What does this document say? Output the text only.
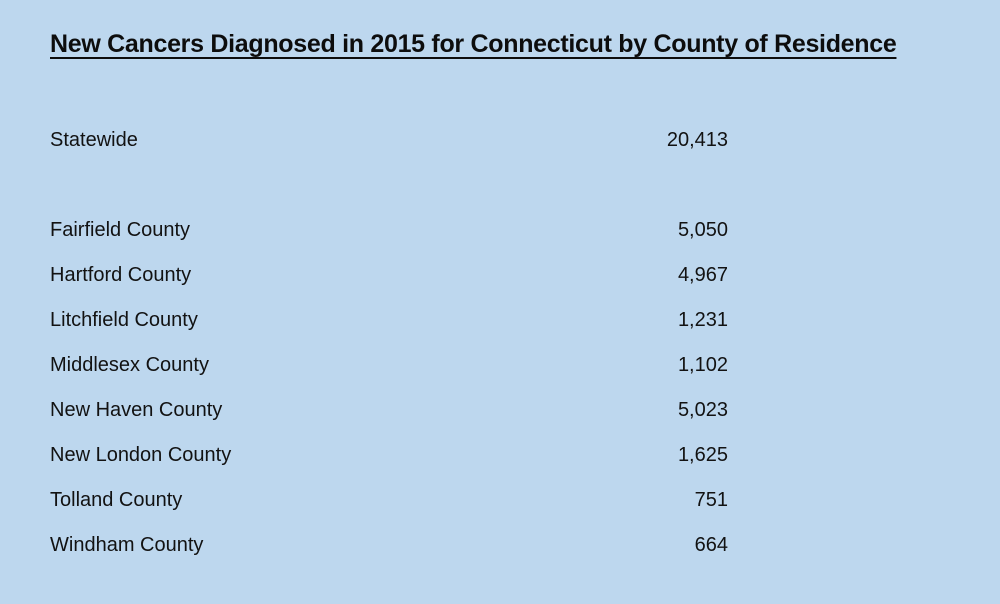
New Cancers Diagnosed in 2015 for Connecticut by County of Residence
Statewide	20,413
Fairfield County	5,050
Hartford County	4,967
Litchfield County	1,231
Middlesex County	1,102
New Haven County	5,023
New London County	1,625
Tolland County	751
Windham County	664
